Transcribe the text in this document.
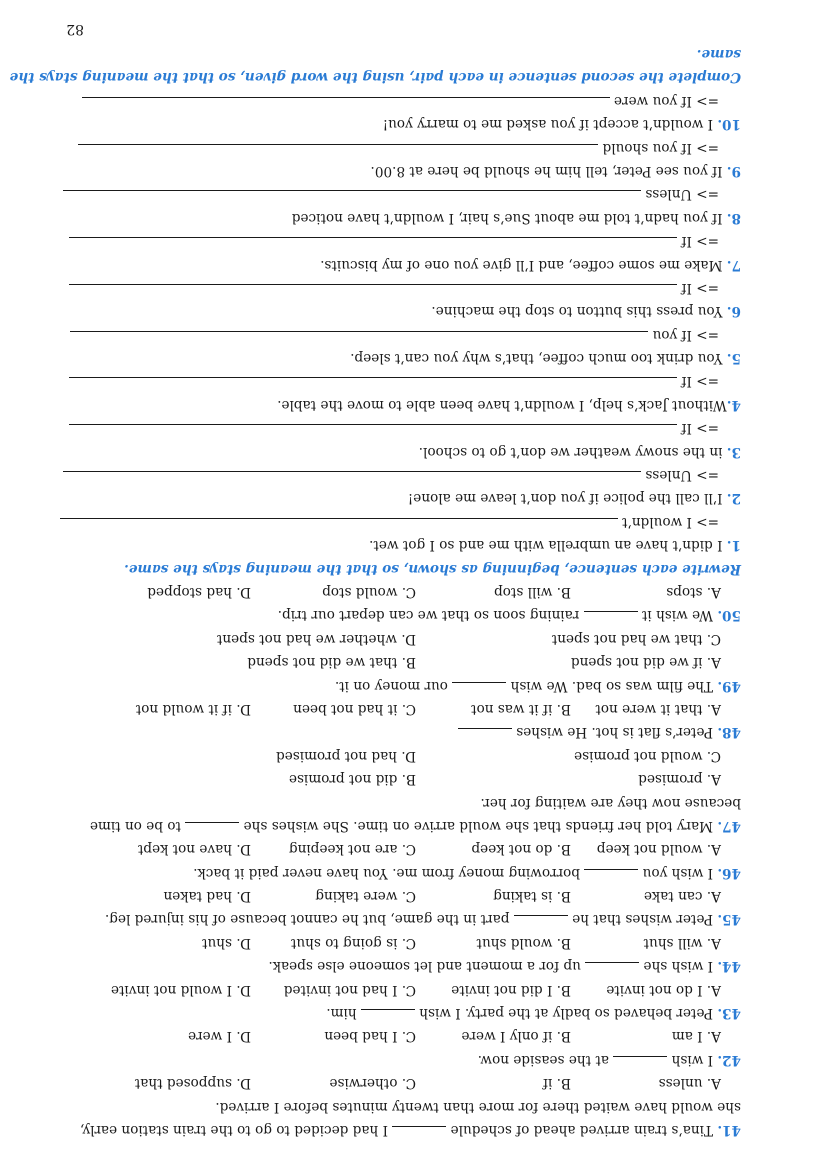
82
41. Tina’s train arrived ahead of schedule  I had decided to go to the train station early,
she would have waited there for more than twenty minutes before I arrived.
A. unless
B. if
C. otherwise
D. supposed that
42. I wish  at the seaside now.
A. I am
B. if only I were
C. I had been
D. I were
43. Peter behaved so badly at the party. I wish  him.
A. I do not invite
B. I did not invite
C. I had not invited
D. I would not invite
44. I wish she  up for a moment and let someone else speak.
A. will shut
B. would shut
C. is going to shut
D. shut
45. Peter wishes that he  part in the game, but he cannot because of his injured leg.
A. can take
B. is taking
C. were taking
D. had taken
46. I wish you  borrowing money from me. You have never paid it back.
A. would not keep
B. do not keep
C. are not keeping
D. have not kept
47. Mary told her friends that she would arrive on time. She wishes she  to be on time
because now they are waiting for her.
A. promised
B. did not promise
C. would not promise
D. had not promised
48. Peter’s flat is hot. He wishes
A. that it were not
B. if it was not
C. it had not been
D. if it would not
49. The film was so bad. We wish  our money on it.
A. if we did not spend
B. that we did not spend
C. that we had not spent
D. whether we had not spent
50. We wish it  raining soon so that we can depart our trip.
A. stops
B. will stop
C. would stop
D. had stopped
Rewrite each sentence, beginning as shown, so that the meaning stays the same.
1. I didn’t have an umbrella with me and so I got wet.
=> I wouldn’t
2. I’ll call the police if you don’t leave me alone!
=> Unless
3. in the snowy weather we don’t go to school.
=> If
4.Without Jack’s help, I wouldn’t have been able to move the table.
=> If
5. You drink too much coffee, that’s why you can’t sleep.
=> If you
6. You press this button to stop the machine.
=> If
7. Make me some coffee, and I’ll give you one of my biscuits.
=> If
8. If you hadn’t told me about Sue’s hair, I wouldn’t have noticed
=> Unless
9. If you see Peter, tell him he should be here at 8.00.
=> If you should
10. I wouldn’t accept if you asked me to marry you!
=> If you were
Complete the second sentence in each pair, using the word given, so that the meaning stays the
same.
